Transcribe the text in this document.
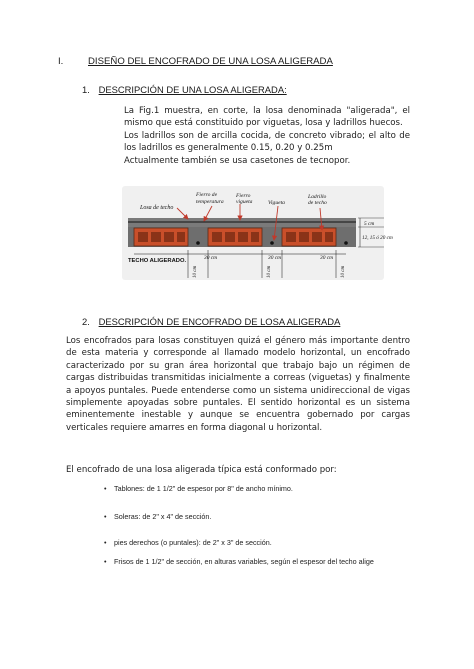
I.	DISEÑO DEL ENCOFRADO DE UNA LOSA ALIGERADA
1. DESCRIPCIÓN DE UNA LOSA ALIGERADA:

La Fig.1 muestra, en corte, la losa denominada "aligerada", el mismo que está constituido por viguetas, losa y ladrillos huecos.

Los ladrillos son de arcilla cocida, de concreto vibrado; el alto de los ladrillos es generalmente 0.15, 0.20 y 0.25m

Actualmente también se usa casetones de tecnopor.

Losa de techo
Fierro de
temperatura
Fierro
vigueta	Vigueta
Ladrillo
de techo
5 cm
12, 15 ó 20 cm
TECHO ALIGERADO.	30 cm	30 cm	30 cm
10 cm	10 cm	10 cm
2. DESCRIPCIÓN DE ENCOFRADO DE LOSA ALIGERADA
Los encofrados para losas constituyen quizá el género más importante dentro de esta materia y corresponde al llamado modelo horizontal, un encofrado caracterizado por su gran área horizontal que trabajo bajo un régimen de cargas distribuidas transmitidas inicialmente a correas (viguetas) y finalmente a apoyos puntales. Puede entenderse como un sistema unidireccional de vigas simplemente apoyadas sobre puntales. El sentido horizontal es un sistema eminentemente inestable y aunque se encuentra gobernado por cargas verticales requiere amarres en forma diagonal u horizontal.
El encofrado de una losa aligerada típica está conformado por:
• Tablones: de 1 1/2" de espesor por 8" de ancho mínimo.
• Soleras: de 2" x 4" de sección.
• pies derechos (o puntales): de 2" x 3" de sección.
• Frisos de 1 1/2" de sección, en alturas variables, según el espesor del techo alige
